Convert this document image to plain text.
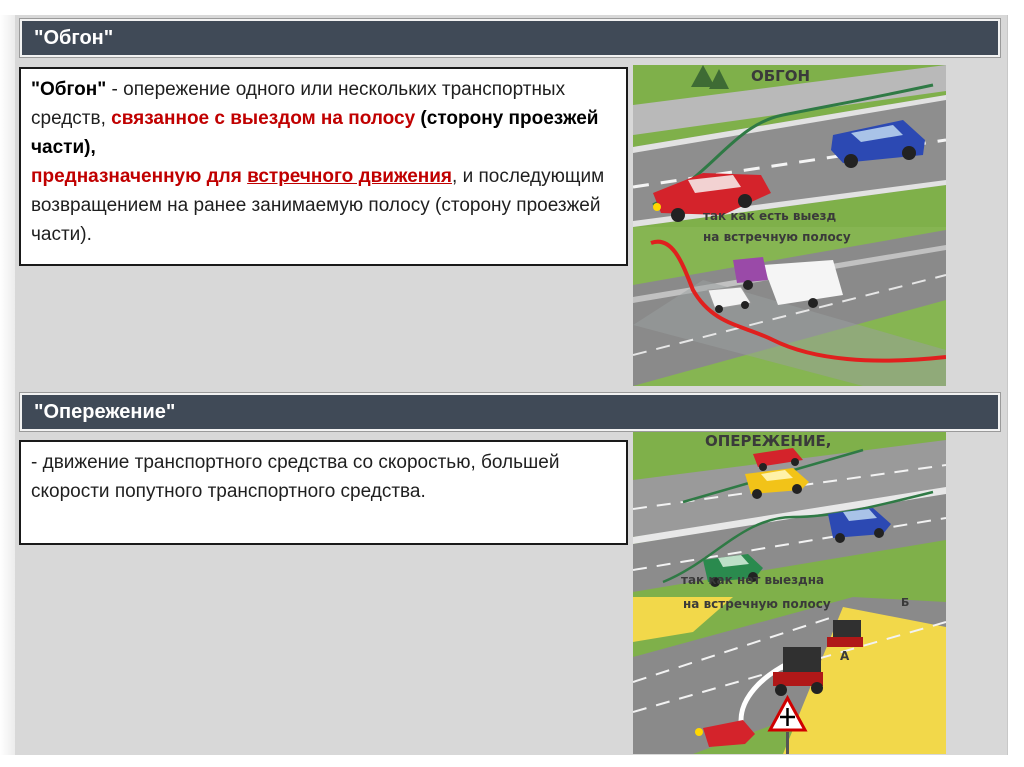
"Обгон"
"Обгон" - опережение одного или нескольких транспортных средств, связанное с выездом на полосу (сторону проезжей части),
предназначенную для встречного движения, и последующим возвращением на ранее занимаемую полосу (сторону проезжей части).
ОБГОН
так как есть выезд
на встречную полосу
"Опережение"
- движение транспортного средства со скоростью, большей скорости попутного транспортного средства.
ОПЕРЕЖЕНИЕ,
так как нет выездна
на встречную полосу
А
Б
